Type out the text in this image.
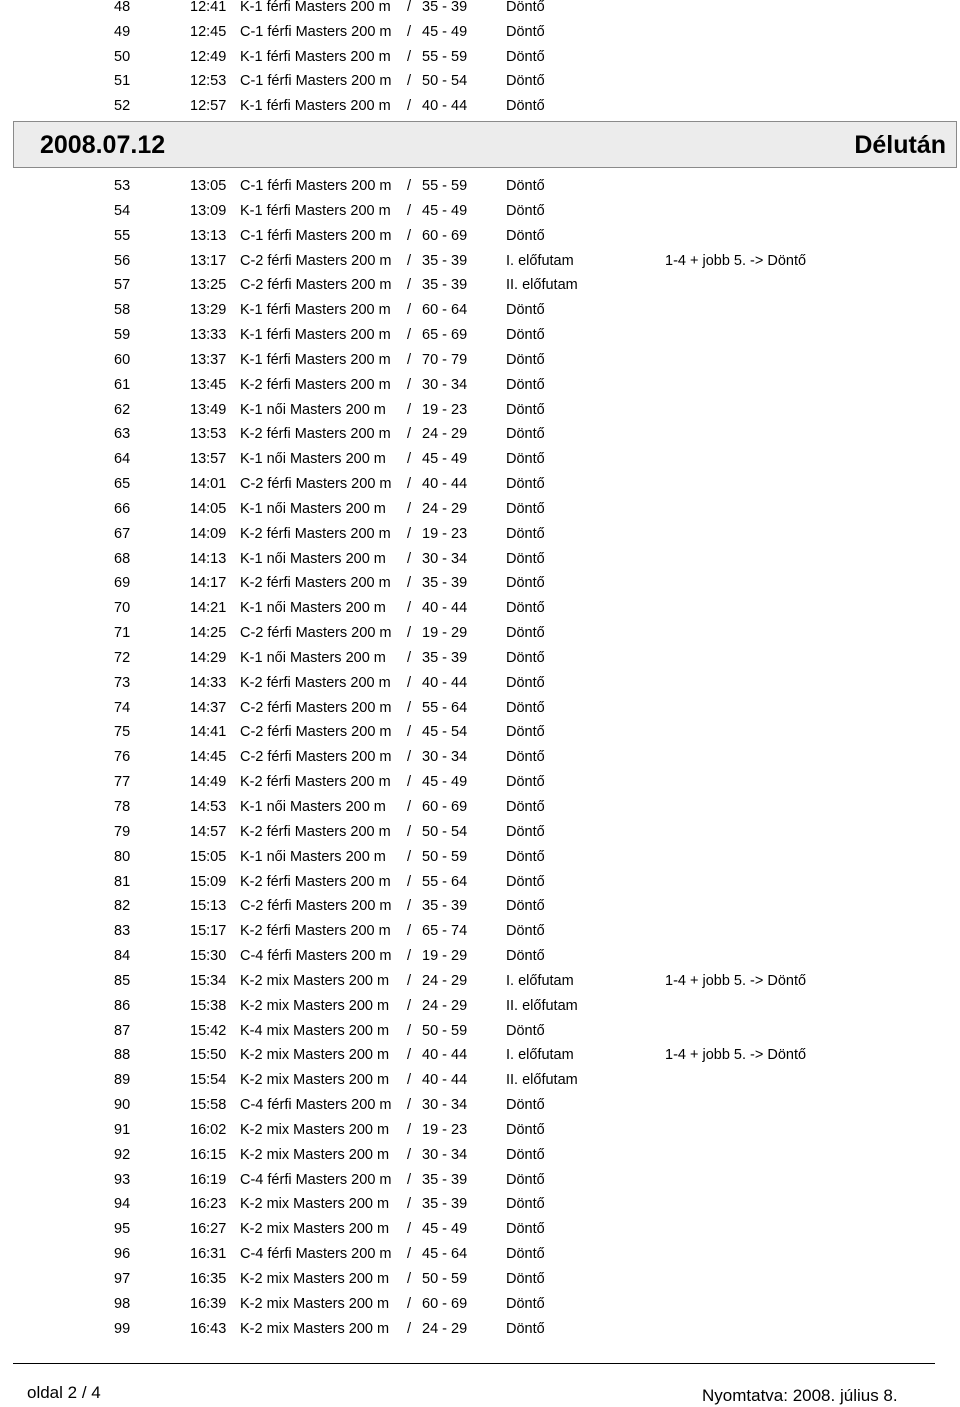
48	12:41 K-1 férfi Masters 200 m / 35 - 39	Döntő
49	12:45 C-1 férfi Masters 200 m / 45 - 49	Döntő
50	12:49 K-1 férfi Masters 200 m / 55 - 59	Döntő
51	12:53 C-1 férfi Masters 200 m / 50 - 54	Döntő
52	12:57 K-1 férfi Masters 200 m / 40 - 44	Döntő
2008.07.12	Délután
53	13:05 C-1 férfi Masters 200 m / 55 - 59	Döntő
54	13:09 K-1 férfi Masters 200 m / 45 - 49	Döntő
55	13:13 C-1 férfi Masters 200 m / 60 - 69	Döntő
56	13:17 C-2 férfi Masters 200 m / 35 - 39	I. előfutam	1-4 + jobb 5. -> Döntő
57	13:25 C-2 férfi Masters 200 m / 35 - 39	II. előfutam
58	13:29 K-1 férfi Masters 200 m / 60 - 64	Döntő
59	13:33 K-1 férfi Masters 200 m / 65 - 69	Döntő
60	13:37 K-1 férfi Masters 200 m / 70 - 79	Döntő
61	13:45 K-2 férfi Masters 200 m / 30 - 34	Döntő
62	13:49 K-1 női Masters 200 m / 19 - 23	Döntő
63	13:53 K-2 férfi Masters 200 m / 24 - 29	Döntő
64	13:57 K-1 női Masters 200 m / 45 - 49	Döntő
65	14:01 C-2 férfi Masters 200 m / 40 - 44	Döntő
66	14:05 K-1 női Masters 200 m / 24 - 29	Döntő
67	14:09 K-2 férfi Masters 200 m / 19 - 23	Döntő
68	14:13 K-1 női Masters 200 m / 30 - 34	Döntő
69	14:17 K-2 férfi Masters 200 m / 35 - 39	Döntő
70	14:21 K-1 női Masters 200 m / 40 - 44	Döntő
71	14:25 C-2 férfi Masters 200 m / 19 - 29	Döntő
72	14:29 K-1 női Masters 200 m / 35 - 39	Döntő
73	14:33 K-2 férfi Masters 200 m / 40 - 44	Döntő
74	14:37 C-2 férfi Masters 200 m / 55 - 64	Döntő
75	14:41 C-2 férfi Masters 200 m / 45 - 54	Döntő
76	14:45 C-2 férfi Masters 200 m / 30 - 34	Döntő
77	14:49 K-2 férfi Masters 200 m / 45 - 49	Döntő
78	14:53 K-1 női Masters 200 m / 60 - 69	Döntő
79	14:57 K-2 férfi Masters 200 m / 50 - 54	Döntő
80	15:05 K-1 női Masters 200 m / 50 - 59	Döntő
81	15:09 K-2 férfi Masters 200 m / 55 - 64	Döntő
82	15:13 C-2 férfi Masters 200 m / 35 - 39	Döntő
83	15:17 K-2 férfi Masters 200 m / 65 - 74	Döntő
84	15:30 C-4 férfi Masters 200 m / 19 - 29	Döntő
85	15:34 K-2 mix Masters 200 m / 24 - 29	I. előfutam	1-4 + jobb 5. -> Döntő
86	15:38 K-2 mix Masters 200 m / 24 - 29	II. előfutam
87	15:42 K-4 mix Masters 200 m / 50 - 59	Döntő
88	15:50 K-2 mix Masters 200 m / 40 - 44	I. előfutam	1-4 + jobb 5. -> Döntő
89	15:54 K-2 mix Masters 200 m / 40 - 44	II. előfutam
90	15:58 C-4 férfi Masters 200 m / 30 - 34	Döntő
91	16:02 K-2 mix Masters 200 m / 19 - 23	Döntő
92	16:15 K-2 mix Masters 200 m / 30 - 34	Döntő
93	16:19 C-4 férfi Masters 200 m / 35 - 39	Döntő
94	16:23 K-2 mix Masters 200 m / 35 - 39	Döntő
95	16:27 K-2 mix Masters 200 m / 45 - 49	Döntő
96	16:31 C-4 férfi Masters 200 m / 45 - 64	Döntő
97	16:35 K-2 mix Masters 200 m / 50 - 59	Döntő
98	16:39 K-2 mix Masters 200 m / 60 - 69	Döntő
99	16:43 K-2 mix Masters 200 m / 24 - 29	Döntő
oldal 2 / 4	Nyomtatva: 2008. július 8.
